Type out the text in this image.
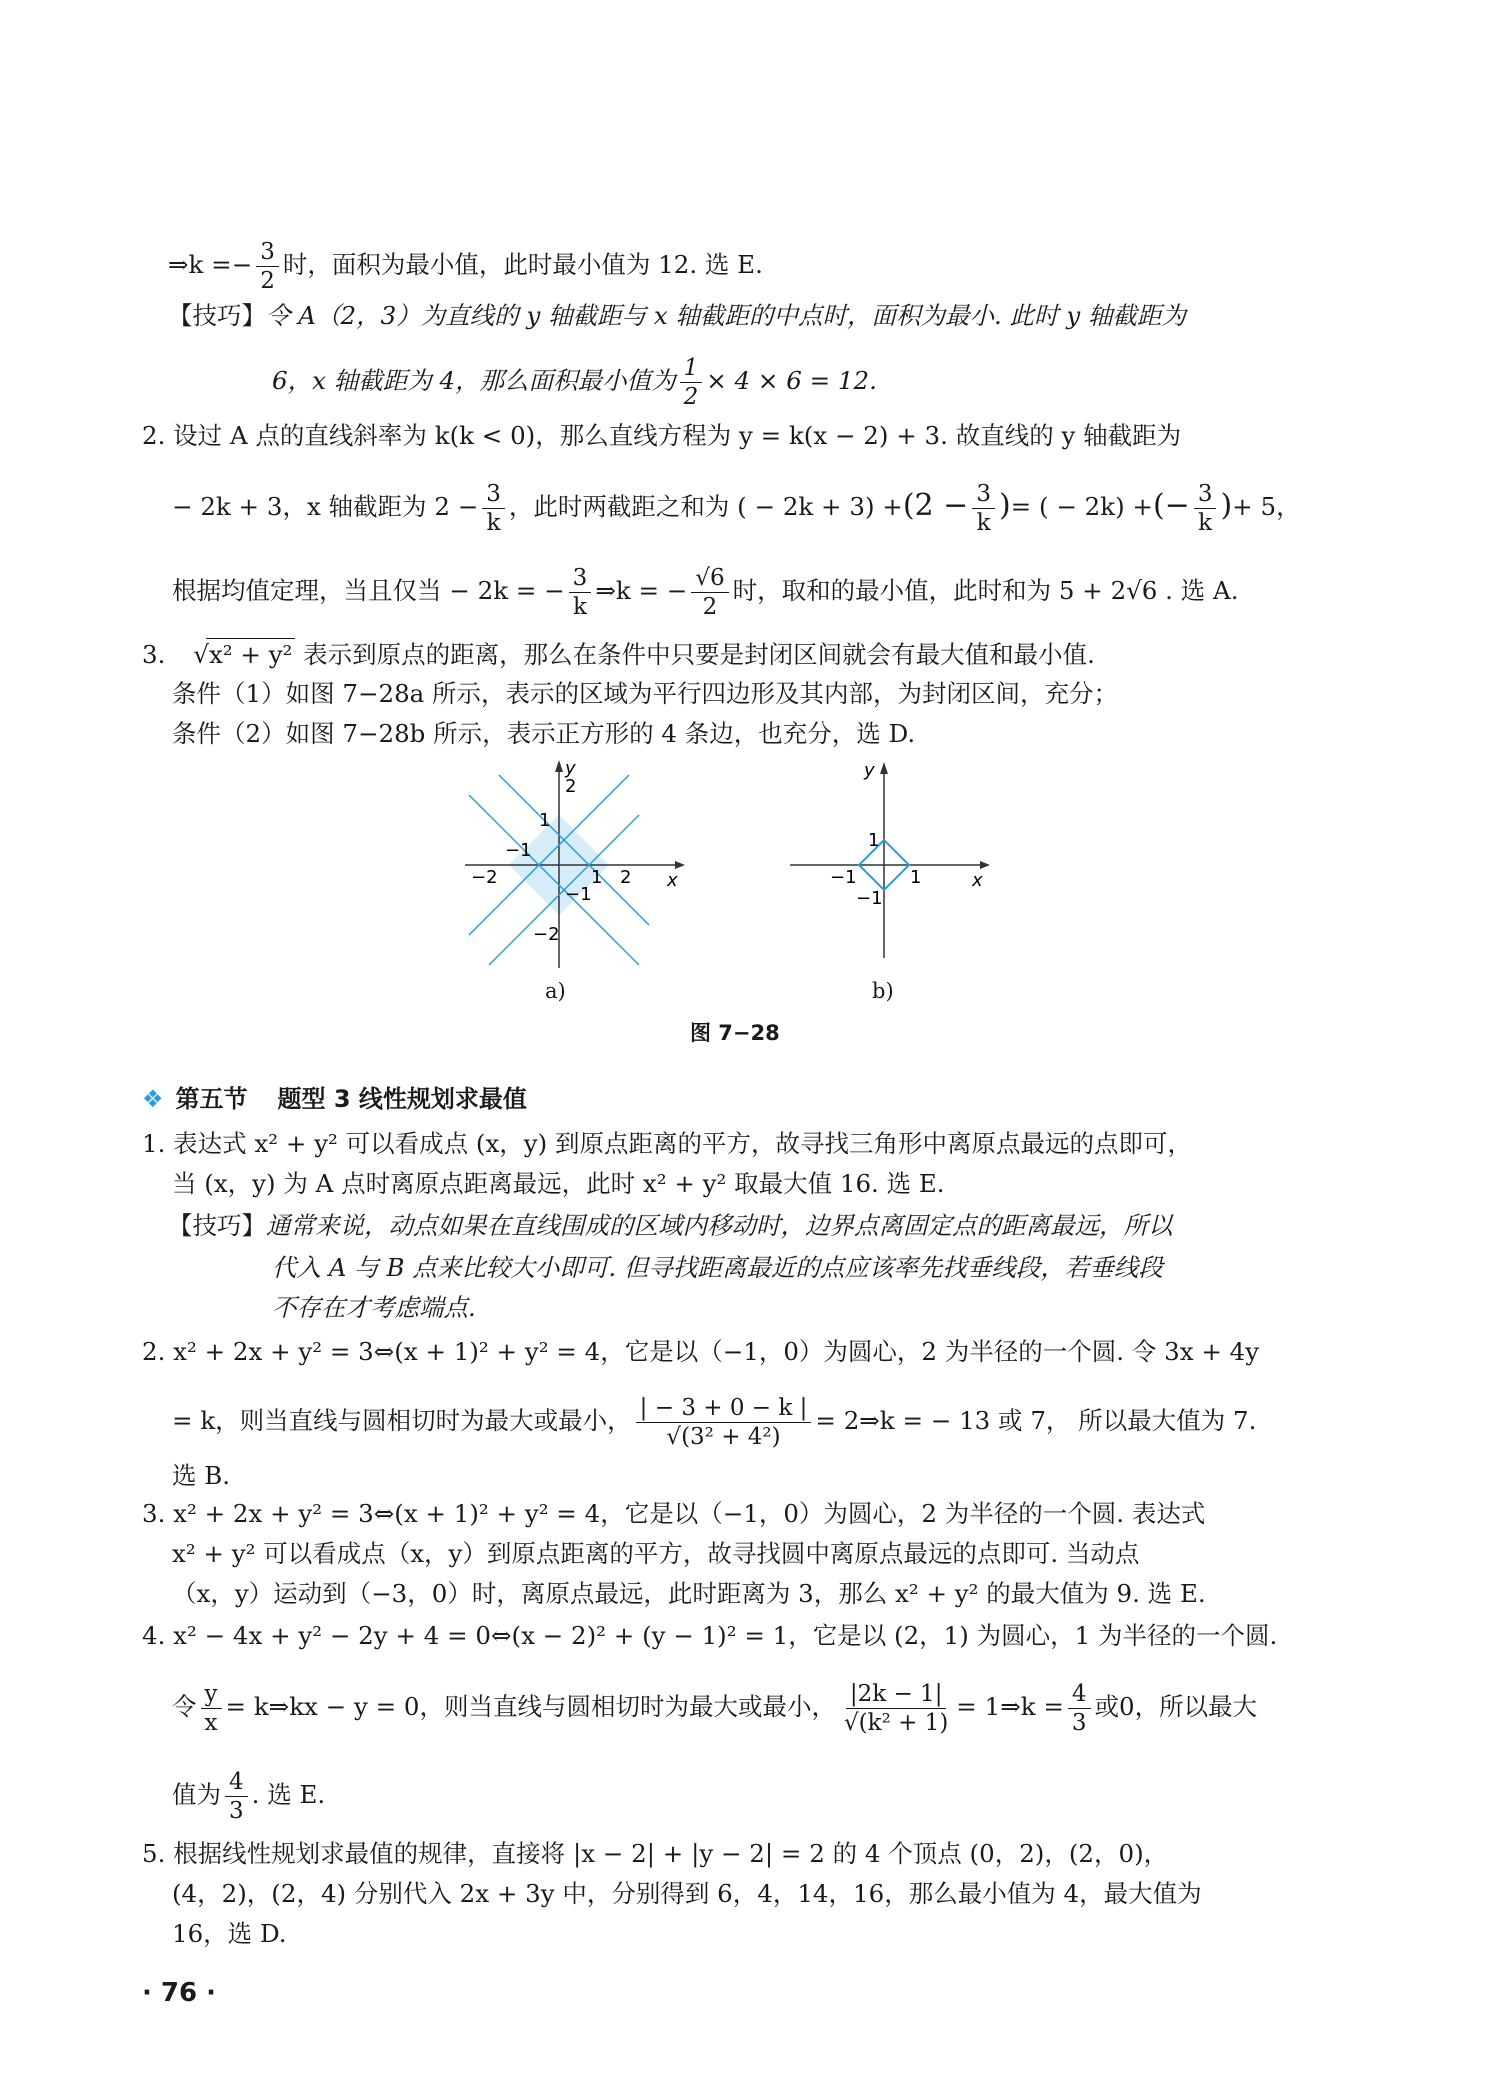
⇒k =− $\frac{3}{2}$ 时，面积为最小值，此时最小值为 12. 选 E.
【技巧】令 A（2，3）为直线的 y 轴截距与 x 轴截距的中点时，面积为最小. 此时 y 轴截距为
6，x 轴截距为 4，那么面积最小值为 $\frac{1}{2} \times 4 \times 6 = 12$.
2. 设过 A 点的直线斜率为 k(k < 0)，那么直线方程为 y = k(x − 2) + 3. 故直线的 y 轴截距为
− 2k + 3，x 轴截距为 $2 - \frac{3}{k}$ ，此时两截距之和为 ( − $2k + 3) +(2 - \frac{3}{k}$ )= ( − 2k) +(− $\frac{3}{k}$ )+ 5，
根据均值定理，当且仅当 − 2k = − $\frac{3}{k}$ ⇒k = − $\frac{√6}{2}$ 时，取和的最小值，此时和为 5 + 2√6 . 选 A.
3.     √ x² + y² 表示到原点的距离，那么在条件中只要是封闭区间就会有最大值和最小值.
条件（1）如图 7−28a 所示，表示的区域为平行四边形及其内部，为封闭区间，充分；
条件（2）如图 7−28b 所示，表示正方形的 4 条边，也充分，选 D.
y
x
2
1
−1
−2	1 2
−1
−2
y
x
1
−1	1
−1
a)	b)
图 7−28
❖ 第五节 题型 3 线性规划求最值
1. 表达式 x² + y² 可以看成点 (x，y) 到原点距离的平方，故寻找三角形中离原点最远的点即可，
当 (x，y) 为 A 点时离原点距离最远，此时 x² + y² 取最大值 16. 选 E.
【技巧】通常来说，动点如果在直线围成的区域内移动时，边界点离固定点的距离最远，所以
代入 A 与 B 点来比较大小即可. 但寻找距离最近的点应该率先找垂线段，若垂线段
不存在才考虑端点.
2. x² + 2x + y² = 3⇔(x + 1)² + y² = 4，它是以（−1，0）为圆心，2 为半径的一个圆. 令 3x + 4y
= k，则当直线与圆相切时为最大或最小， $\frac{| - 3 + 0 - k |}{\text{√(3² + 4²)}}$ = 2⇒k = − 13 或 7， 所以最大值为 7.
选 B.
3. x² + 2x + y² = 3⇔(x + 1)² + y² = 4，它是以（−1，0）为圆心，2 为半径的一个圆. 表达式
x² + y² 可以看成点（x，y）到原点距离的平方，故寻找圆中离原点最远的点即可. 当动点
（x，y）运动到（−3，0）时，离原点最远，此时距离为 3，那么 x² + y² 的最大值为 9. 选 E.
4. x² − 4x + y² − 2y + 4 = 0⇔(x − 2)² + (y − 1)² = 1，它是以 (2，1) 为圆心，1 为半径的一个圆.
令 $\frac{y}{x}$ = k⇒kx − y = 0，则当直线与圆相切时为最大或最小， $\frac{|2k - 1|}{\text{√(k² + 1)}}$ = 1⇒k = $\frac{4}{3}$ 或0，所以最大
值为 $\frac{4}{3}$ . 选 E.
5. 根据线性规划求最值的规律，直接将 |x − 2| + |y − 2| = 2 的 4 个顶点 (0，2)，(2，0)，
(4，2)，(2，4) 分别代入 2x + 3y 中，分别得到 6，4，14，16，那么最小值为 4，最大值为
16，选 D.
· 76 ·
